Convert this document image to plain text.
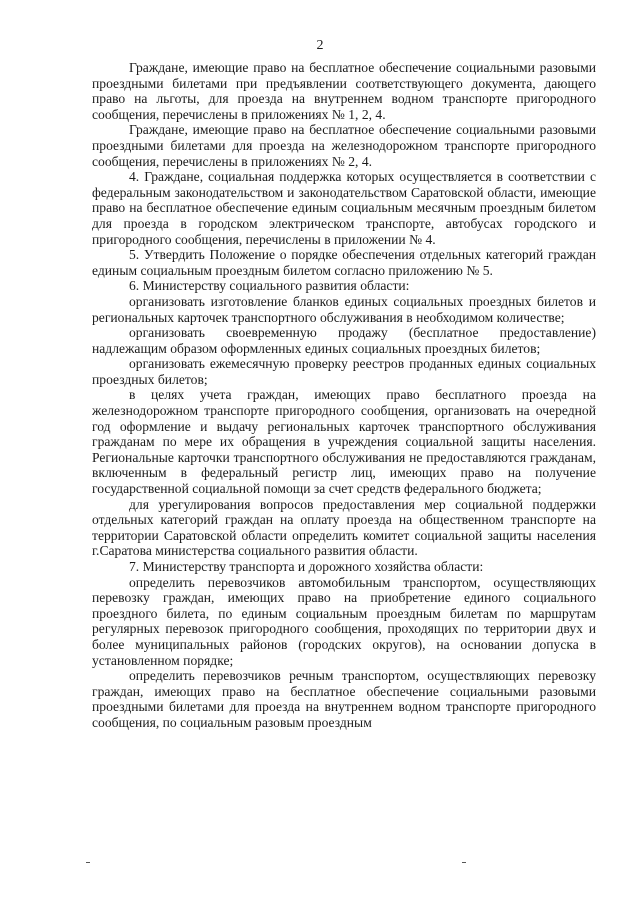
2

Граждане, имеющие право на бесплатное обеспечение социальными разовыми проездными билетами при предъявлении соответствующего документа, дающего право на льготы, для проезда на внутреннем водном транспорте пригородного сообщения, перечислены в приложениях № 1, 2, 4.

Граждане, имеющие право на бесплатное обеспечение социальными разовыми проездными билетами для проезда на железнодорожном транспорте пригородного сообщения, перечислены в приложениях № 2, 4.

4. Граждане, социальная поддержка которых осуществляется в соответствии с федеральным законодательством и законодательством Саратовской области, имеющие право на бесплатное обеспечение единым социальным месячным проездным билетом для проезда в городском электрическом транспорте, автобусах городского и пригородного сообщения, перечислены в приложении № 4.

5. Утвердить Положение о порядке обеспечения отдельных категорий граждан единым социальным проездным билетом согласно приложению № 5.

6. Министерству социального развития области:

организовать изготовление бланков единых социальных проездных билетов и региональных карточек транспортного обслуживания в необходимом количестве;

организовать своевременную продажу (бесплатное предоставление) надлежащим образом оформленных единых социальных проездных билетов;

организовать ежемесячную проверку реестров проданных единых социальных проездных билетов;

в целях учета граждан, имеющих право бесплатного проезда на железнодорожном транспорте пригородного сообщения, организовать на очередной год оформление и выдачу региональных карточек транспортного обслуживания гражданам по мере их обращения в учреждения социальной защиты населения. Региональные карточки транспортного обслуживания не предоставляются гражданам, включенным в федеральный регистр лиц, имеющих право на получение государственной социальной помощи за счет средств федерального бюджета;

для урегулирования вопросов предоставления мер социальной поддержки отдельных категорий граждан на оплату проезда на общественном транспорте на территории Саратовской области определить комитет социальной защиты населения г.Саратова министерства социального развития области.

7. Министерству транспорта и дорожного хозяйства области:

определить перевозчиков автомобильным транспортом, осуществляющих перевозку граждан, имеющих право на приобретение единого социального проездного билета, по единым социальным проездным билетам по маршрутам регулярных перевозок пригородного сообщения, проходящих по территории двух и более муниципальных районов (городских округов), на основании допуска в установленном порядке;

определить перевозчиков речным транспортом, осуществляющих перевозку граждан, имеющих право на бесплатное обеспечение социальными разовыми проездными билетами для проезда на внутреннем водном транспорте пригородного сообщения, по социальным разовым проездным
